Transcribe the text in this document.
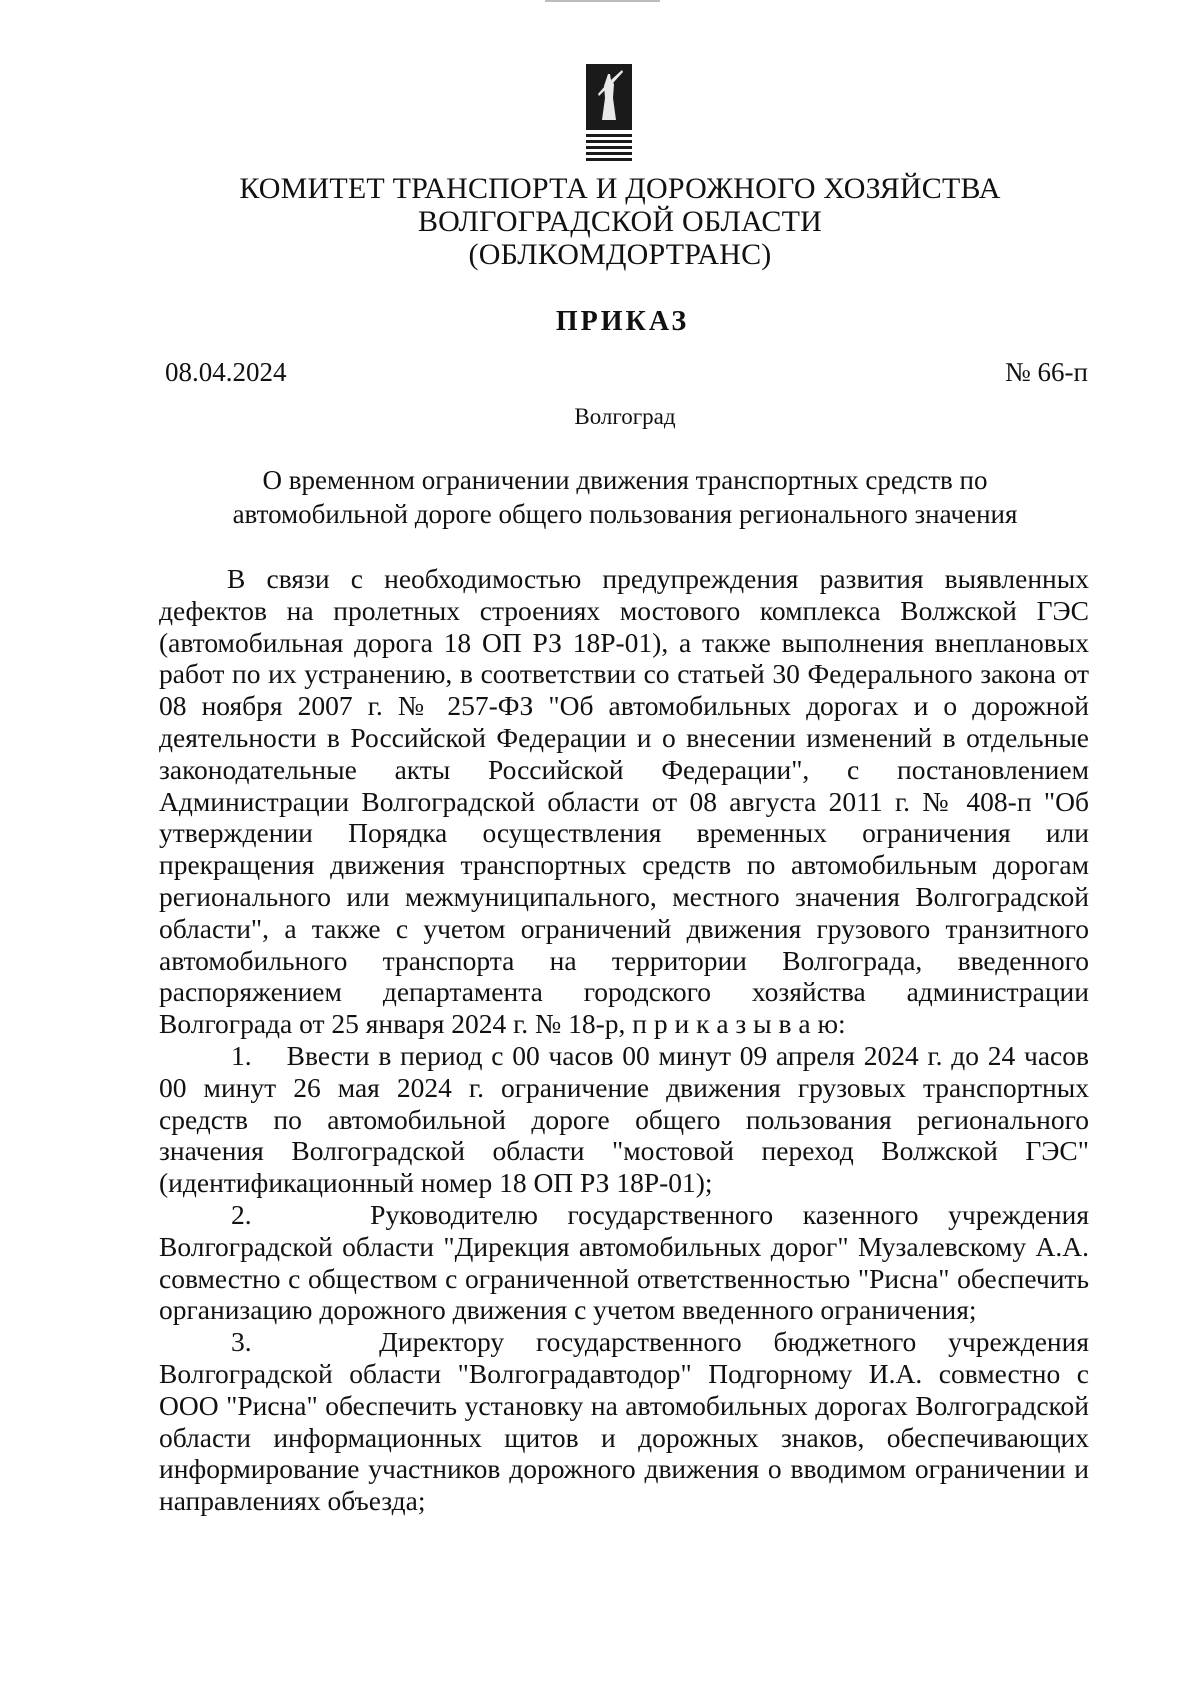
КОМИТЕТ ТРАНСПОРТА И ДОРОЖНОГО ХОЗЯЙСТВА
ВОЛГОГРАДСКОЙ ОБЛАСТИ
(ОБЛКОМДОРТРАНС)
ПРИКАЗ
08.04.2024	№ 66-п
Волгоград
О временном ограничении движения транспортных средств по
автомобильной дороге общего пользования регионального значения

В связи с необходимостью предупреждения развития выявленных дефектов на пролетных строениях мостового комплекса Волжской ГЭС (автомобильная дорога 18 ОП РЗ 18Р-01), а также выполнения внеплановых работ по их устранению, в соответствии со статьей 30 Федерального закона от 08 ноября 2007 г. № 257-ФЗ "Об автомобильных дорогах и о дорожной деятельности в Российской Федерации и о внесении изменений в отдельные законодательные акты Российской Федерации", с постановлением Администрации Волгоградской области от 08 августа 2011 г. № 408-п "Об утверждении Порядка осуществления временных ограничения или прекращения движения транспортных средств по автомобильным дорогам регионального или межмуниципального, местного значения Волгоградской области", а также с учетом ограничений движения грузового транзитного автомобильного транспорта на территории Волгограда, введенного распоряжением департамента городского хозяйства администрации Волгограда от 25 января 2024 г. № 18-р, п р и к а з ы в а ю:

1.    Ввести в период с 00 часов 00 минут 09 апреля 2024 г. до 24 часов 00 минут 26 мая 2024 г. ограничение движения грузовых транспортных средств по автомобильной дороге общего пользования регионального значения Волгоградской области "мостовой переход Волжской ГЭС" (идентификационный номер 18 ОП РЗ 18Р-01);

2.    Руководителю государственного казенного учреждения Волгоградской области "Дирекция автомобильных дорог" Музалевскому А.А. совместно с обществом с ограниченной ответственностью "Рисна" обеспечить организацию дорожного движения с учетом введенного ограничения;

3.    Директору государственного бюджетного учреждения Волгоградской области "Волгоградавтодор" Подгорному И.А. совместно с ООО "Рисна" обеспечить установку на автомобильных дорогах Волгоградской области информационных щитов и дорожных знаков, обеспечивающих информирование участников дорожного движения о вводимом ограничении и направлениях объезда;
